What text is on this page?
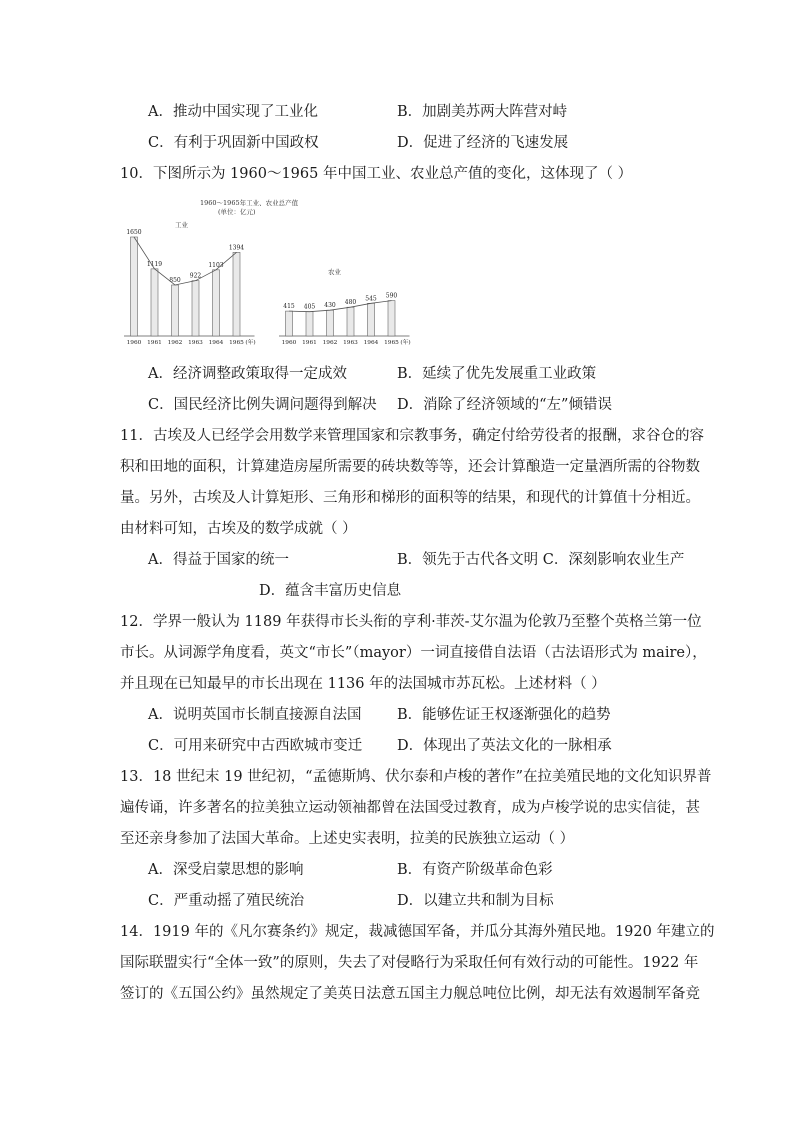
A．推动中国实现了工业化	B．加剧美苏两大阵营对峙
C．有利于巩固新中国政权	D．促进了经济的飞速发展
10．下图所示为 1960～1965 年中国工业、农业总产值的变化，这体现了（ ）
1960～1965年工业、农业总产值
(单位：亿元)
工业
1650
1960
1119
1961
850
1962
922
1963
1103
1964
1394
1965 (年)
农业
415
1960
405
1961
430
1962
480
1963
545
1964
590
1965 (年)
A．经济调整政策取得一定成效	B．延续了优先发展重工业政策
C．国民经济比例失调问题得到解决 D．消除了经济领域的“左”倾错误
11．古埃及人已经学会用数学来管理国家和宗教事务，确定付给劳役者的报酬，求谷仓的容
积和田地的面积，计算建造房屋所需要的砖块数等等，还会计算酿造一定量酒所需的谷物数
量。另外，古埃及人计算矩形、三角形和梯形的面积等的结果，和现代的计算值十分相近。
由材料可知，古埃及的数学成就（ ）
A．得益于国家的统一	B．领先于古代各文明 C．深刻影响农业生产
D．蕴含丰富历史信息
12．学界一般认为 1189 年获得市长头衔的亨利·菲茨-艾尔温为伦敦乃至整个英格兰第一位
市长。从词源学角度看，英文“市长”（mayor）一词直接借自法语（古法语形式为 maire），
并且现在已知最早的市长出现在 1136 年的法国城市苏瓦松。上述材料（ ）
A．说明英国市长制直接源自法国 B．能够佐证王权逐渐强化的趋势
C．可用来研究中古西欧城市变迁 D．体现出了英法文化的一脉相承
13．18 世纪末 19 世纪初，“孟德斯鸠、伏尔泰和卢梭的著作”在拉美殖民地的文化知识界普
遍传诵，许多著名的拉美独立运动领袖都曾在法国受过教育，成为卢梭学说的忠实信徒，甚
至还亲身参加了法国大革命。上述史实表明，拉美的民族独立运动（ ）
A．深受启蒙思想的影响	B．有资产阶级革命色彩
C．严重动摇了殖民统治	D．以建立共和制为目标
14．1919 年的《凡尔赛条约》规定，裁减德国军备，并瓜分其海外殖民地。1920 年建立的
国际联盟实行“全体一致”的原则，失去了对侵略行为采取任何有效行动的可能性。1922 年
签订的《五国公约》虽然规定了美英日法意五国主力舰总吨位比例，却无法有效遏制军备竞
